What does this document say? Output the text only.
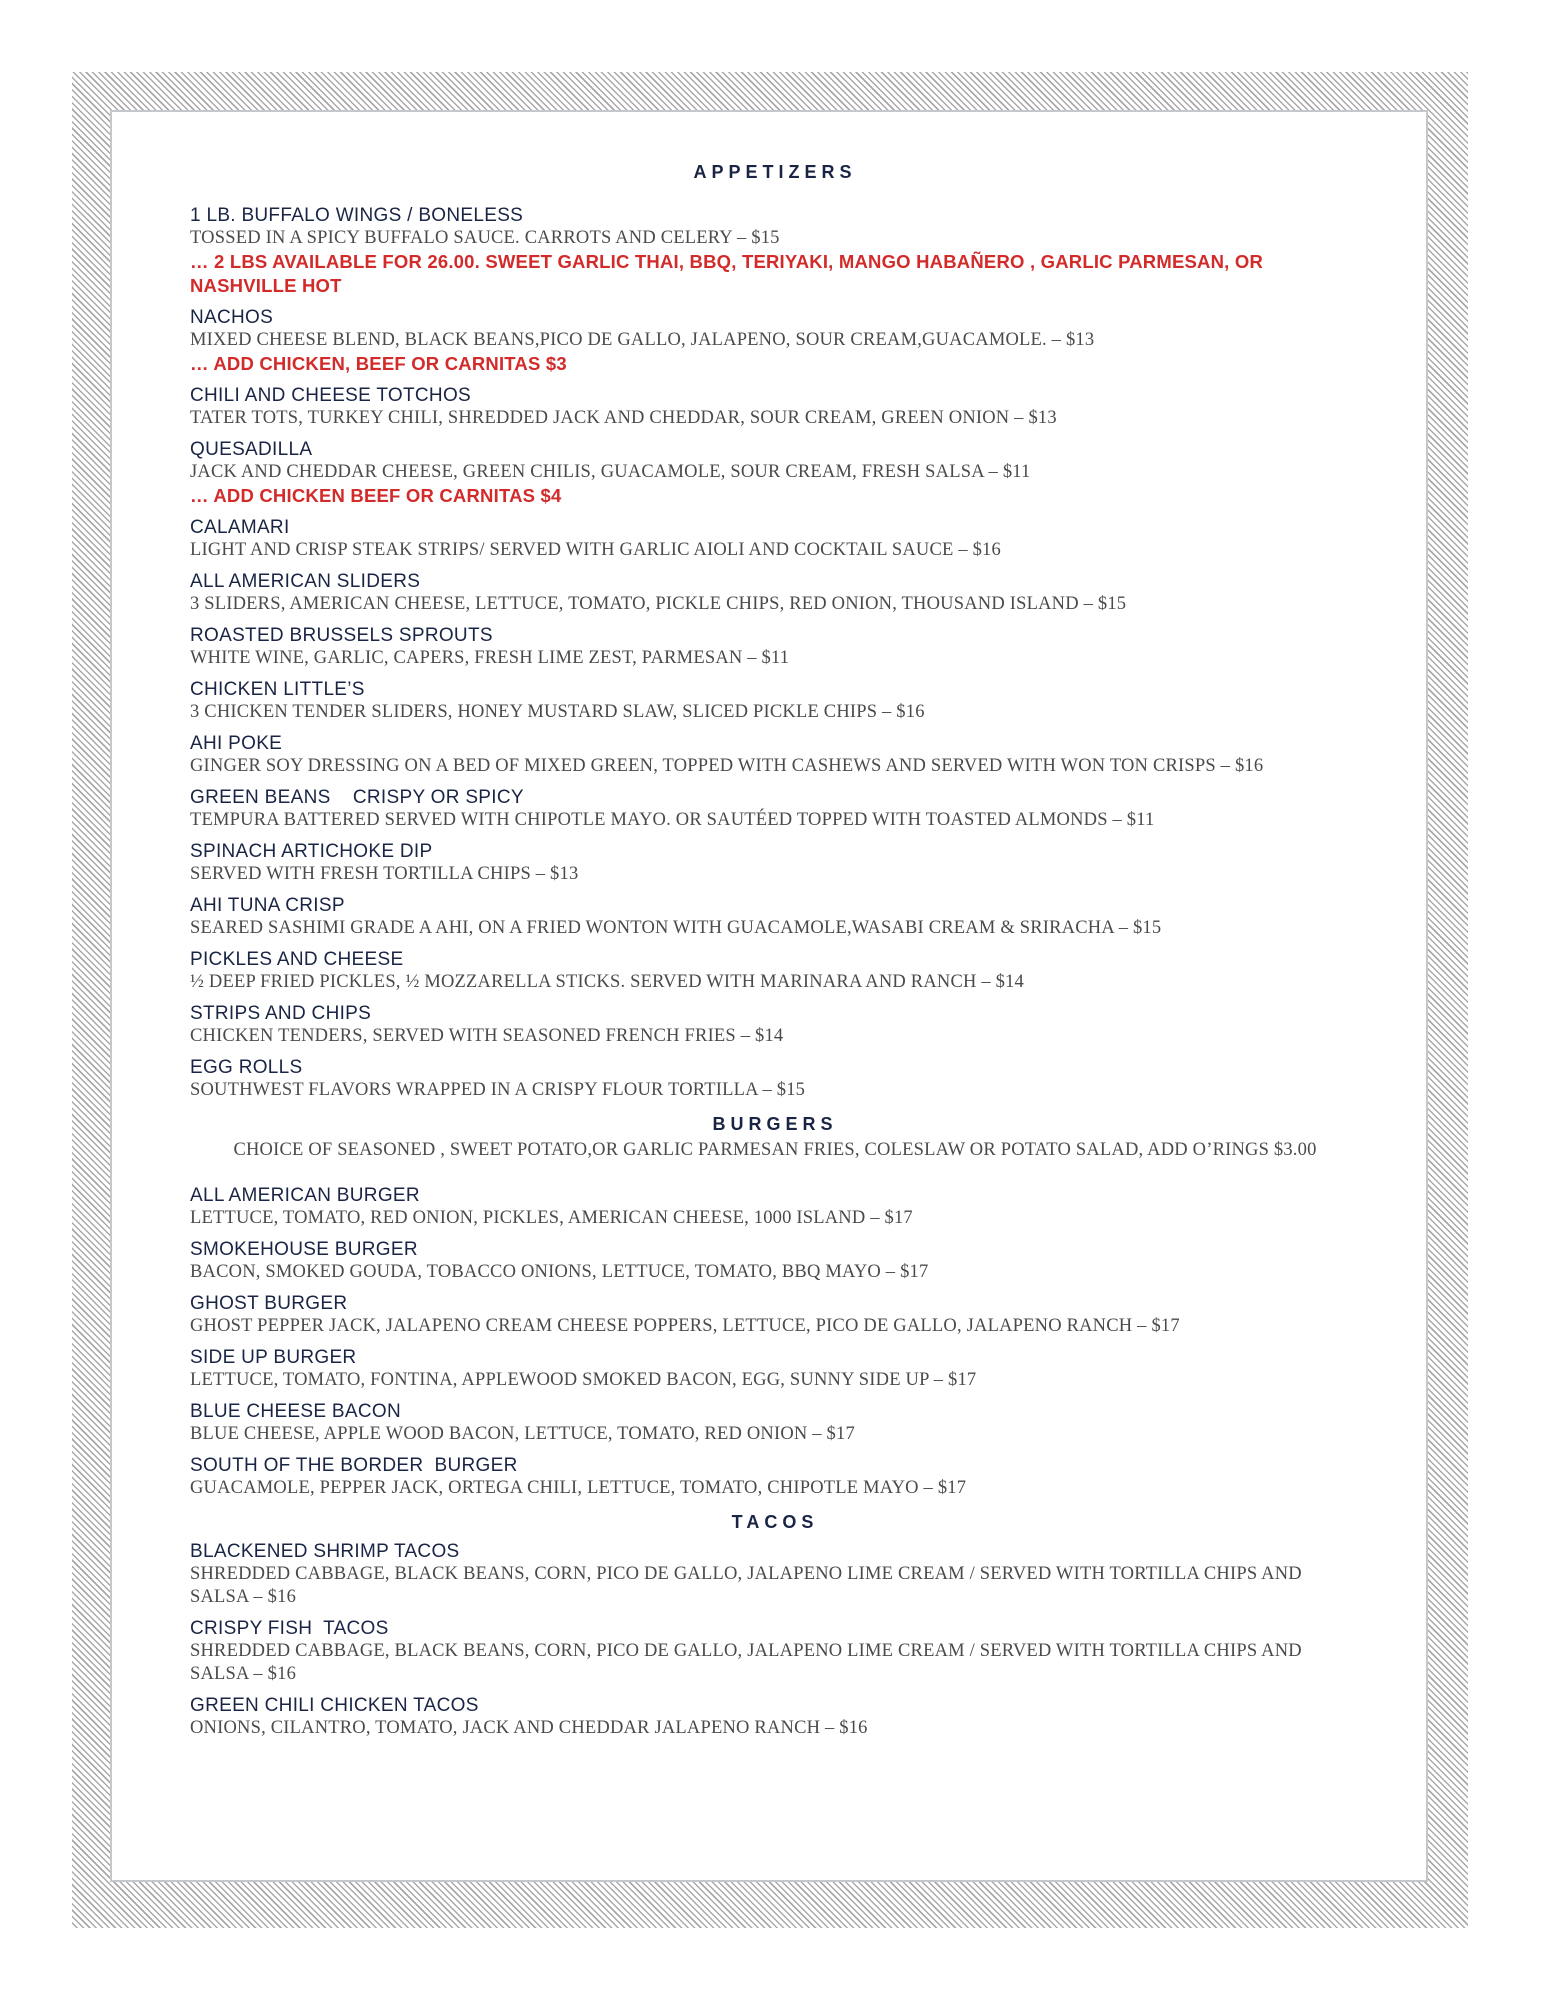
APPETIZERS

1 LB. BUFFALO WINGS / BONELESS

TOSSED IN A SPICY BUFFALO SAUCE. CARROTS AND CELERY – $15

… 2 LBS AVAILABLE FOR 26.00. SWEET GARLIC THAI, BBQ, TERIYAKI, MANGO HABAÑERO , GARLIC PARMESAN, OR NASHVILLE HOT

NACHOS

MIXED CHEESE BLEND, BLACK BEANS,PICO DE GALLO, JALAPENO, SOUR CREAM,GUACAMOLE. – $13

… ADD CHICKEN, BEEF OR CARNITAS $3

CHILI AND CHEESE TOTCHOS

TATER TOTS, TURKEY CHILI, SHREDDED JACK AND CHEDDAR, SOUR CREAM, GREEN ONION – $13

QUESADILLA

JACK AND CHEDDAR CHEESE, GREEN CHILIS, GUACAMOLE, SOUR CREAM, FRESH SALSA – $11

… ADD CHICKEN BEEF OR CARNITAS $4

CALAMARI

LIGHT AND CRISP STEAK STRIPS/ SERVED WITH GARLIC AIOLI AND COCKTAIL SAUCE – $16

ALL AMERICAN SLIDERS

3 SLIDERS, AMERICAN CHEESE, LETTUCE, TOMATO, PICKLE CHIPS, RED ONION, THOUSAND ISLAND – $15

ROASTED BRUSSELS SPROUTS

WHITE WINE, GARLIC, CAPERS, FRESH LIME ZEST, PARMESAN – $11

CHICKEN LITTLE’S

3 CHICKEN TENDER SLIDERS, HONEY MUSTARD SLAW, SLICED PICKLE CHIPS – $16

AHI POKE

GINGER SOY DRESSING ON A BED OF MIXED GREEN, TOPPED WITH CASHEWS AND SERVED WITH WON TON CRISPS – $16

GREEN BEANS    CRISPY OR SPICY

TEMPURA BATTERED SERVED WITH CHIPOTLE MAYO. OR SAUTÉED TOPPED WITH TOASTED ALMONDS – $11

SPINACH ARTICHOKE DIP

SERVED WITH FRESH TORTILLA CHIPS – $13

AHI TUNA CRISP

SEARED SASHIMI GRADE A AHI, ON A FRIED WONTON WITH GUACAMOLE,WASABI CREAM & SRIRACHA – $15

PICKLES AND CHEESE

½ DEEP FRIED PICKLES, ½ MOZZARELLA STICKS. SERVED WITH MARINARA AND RANCH – $14

STRIPS AND CHIPS

CHICKEN TENDERS, SERVED WITH SEASONED FRENCH FRIES – $14

EGG ROLLS

SOUTHWEST FLAVORS WRAPPED IN A CRISPY FLOUR TORTILLA – $15

BURGERS

CHOICE OF SEASONED , SWEET POTATO,OR GARLIC PARMESAN FRIES, COLESLAW OR POTATO SALAD, ADD O’RINGS $3.00

ALL AMERICAN BURGER

LETTUCE, TOMATO, RED ONION, PICKLES, AMERICAN CHEESE, 1000 ISLAND – $17

SMOKEHOUSE BURGER

BACON, SMOKED GOUDA, TOBACCO ONIONS, LETTUCE, TOMATO, BBQ MAYO – $17

GHOST BURGER

GHOST PEPPER JACK, JALAPENO CREAM CHEESE POPPERS, LETTUCE, PICO DE GALLO, JALAPENO RANCH – $17

SIDE UP BURGER

LETTUCE, TOMATO, FONTINA, APPLEWOOD SMOKED BACON, EGG, SUNNY SIDE UP – $17

BLUE CHEESE BACON

BLUE CHEESE, APPLE WOOD BACON, LETTUCE, TOMATO, RED ONION – $17

SOUTH OF THE BORDER  BURGER

GUACAMOLE, PEPPER JACK, ORTEGA CHILI, LETTUCE, TOMATO, CHIPOTLE MAYO – $17

TACOS

BLACKENED SHRIMP TACOS

SHREDDED CABBAGE, BLACK BEANS, CORN, PICO DE GALLO, JALAPENO LIME CREAM / SERVED WITH TORTILLA CHIPS AND SALSA – $16

CRISPY FISH  TACOS

SHREDDED CABBAGE, BLACK BEANS, CORN, PICO DE GALLO, JALAPENO LIME CREAM / SERVED WITH TORTILLA CHIPS AND SALSA – $16

GREEN CHILI CHICKEN TACOS

ONIONS, CILANTRO, TOMATO, JACK AND CHEDDAR JALAPENO RANCH – $16
